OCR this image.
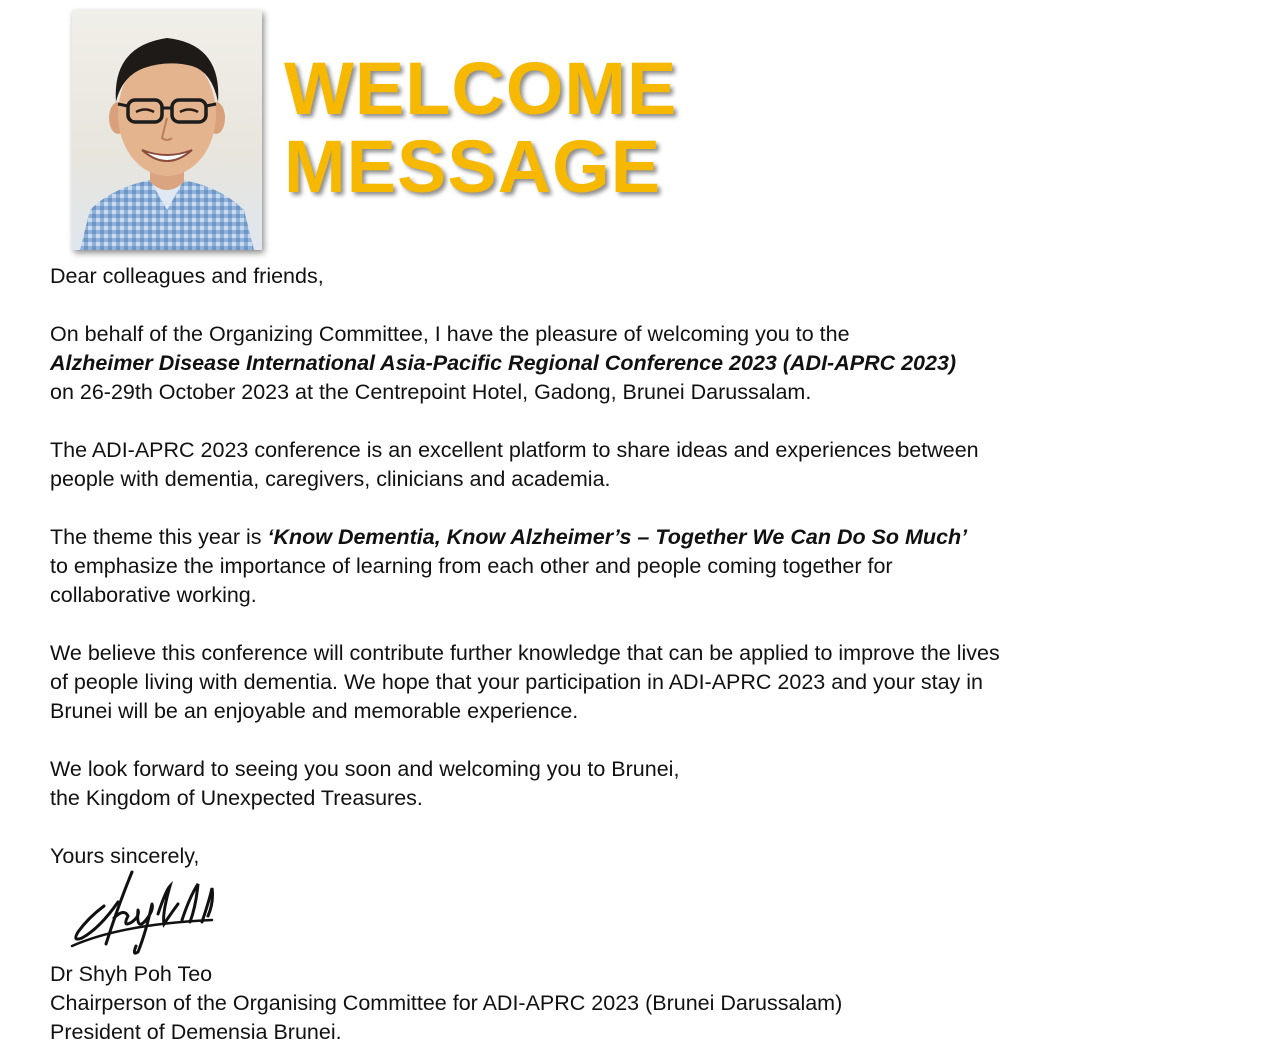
WELCOME
MESSAGE

Dear colleagues and friends,

On behalf of the Organizing Committee, I have the pleasure of welcoming you to the
Alzheimer Disease International Asia-Pacific Regional Conference 2023 (ADI-APRC 2023)
on 26-29th October 2023 at the Centrepoint Hotel, Gadong, Brunei Darussalam.

The ADI-APRC 2023 conference is an excellent platform to share ideas and experiences between
people with dementia, caregivers, clinicians and academia.

The theme this year is ‘Know Dementia, Know Alzheimer’s – Together We Can Do So Much’
to emphasize the importance of learning from each other and people coming together for
collaborative working.

We believe this conference will contribute further knowledge that can be applied to improve the lives
of people living with dementia. We hope that your participation in ADI-APRC 2023 and your stay in
Brunei will be an enjoyable and memorable experience.

We look forward to seeing you soon and welcoming you to Brunei,
the Kingdom of Unexpected Treasures.

Yours sincerely,

Dr Shyh Poh Teo
Chairperson of the Organising Committee for ADI-APRC 2023 (Brunei Darussalam)
President of Demensia Brunei.
